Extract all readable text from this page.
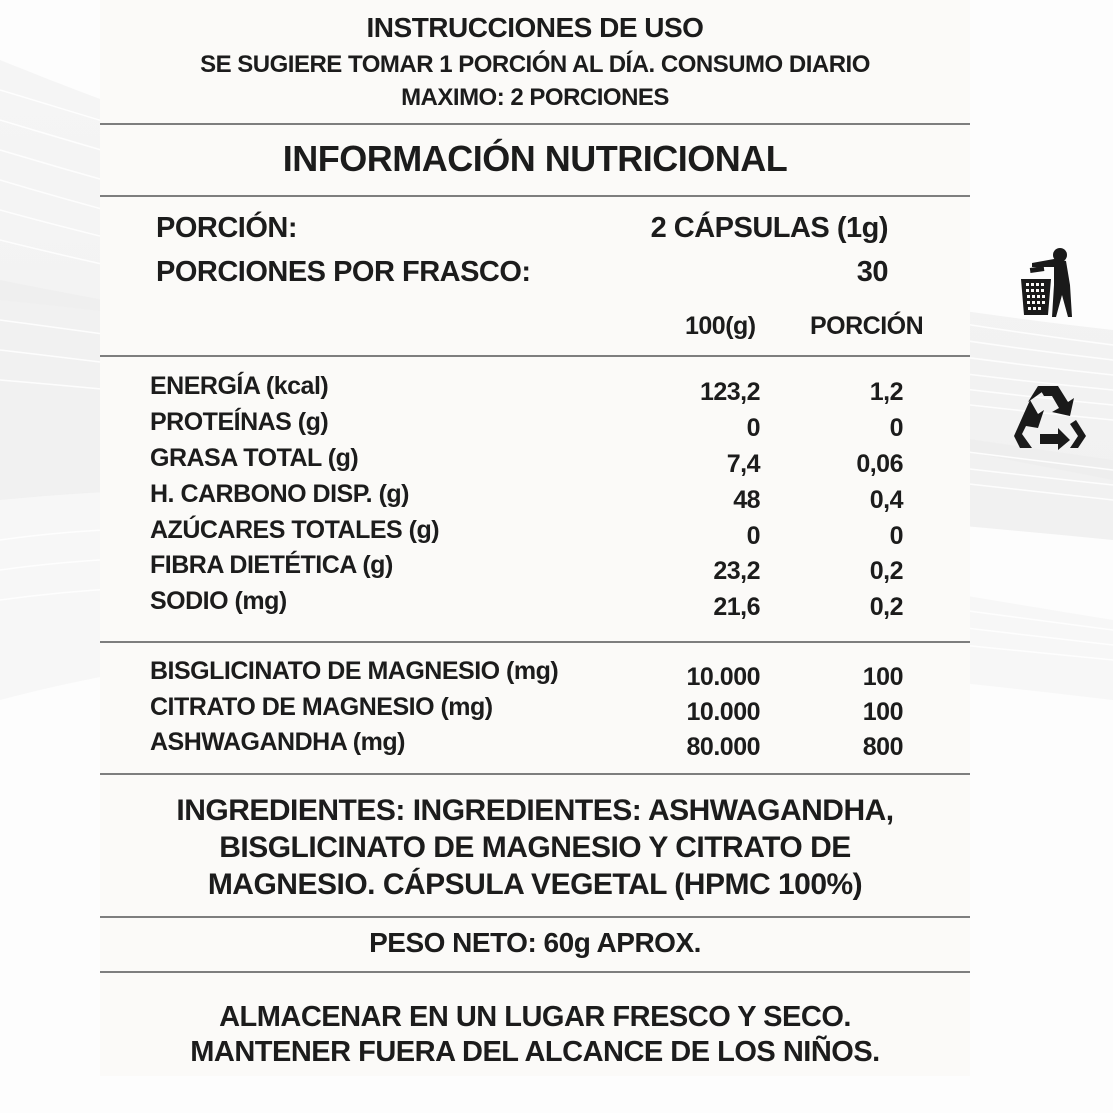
INSTRUCCIONES DE USO
SE SUGIERE TOMAR 1 PORCIÓN AL DÍA. CONSUMO DIARIO
MAXIMO: 2 PORCIONES
INFORMACIÓN NUTRICIONAL
PORCIÓN:	2 CÁPSULAS (1g)
PORCIONES POR FRASCO:	30
100(g) PORCIÓN
ENERGÍA (kcal)	123,2	1,2
PROTEÍNAS (g)	0	0
GRASA TOTAL (g)	7,4	0,06
H. CARBONO DISP. (g)	48	0,4
AZÚCARES TOTALES (g)	0	0
FIBRA DIETÉTICA (g)	23,2	0,2
SODIO (mg)	21,6	0,2
BISGLICINATO DE MAGNESIO (mg)	10.000	100
CITRATO DE MAGNESIO (mg)	10.000	100
ASHWAGANDHA (mg)	80.000	800
INGREDIENTES: INGREDIENTES: ASHWAGANDHA,
BISGLICINATO DE MAGNESIO Y CITRATO DE
MAGNESIO. CÁPSULA VEGETAL (HPMC 100%)
PESO NETO: 60g APROX.
ALMACENAR EN UN LUGAR FRESCO Y SECO.
MANTENER FUERA DEL ALCANCE DE LOS NIÑOS.
